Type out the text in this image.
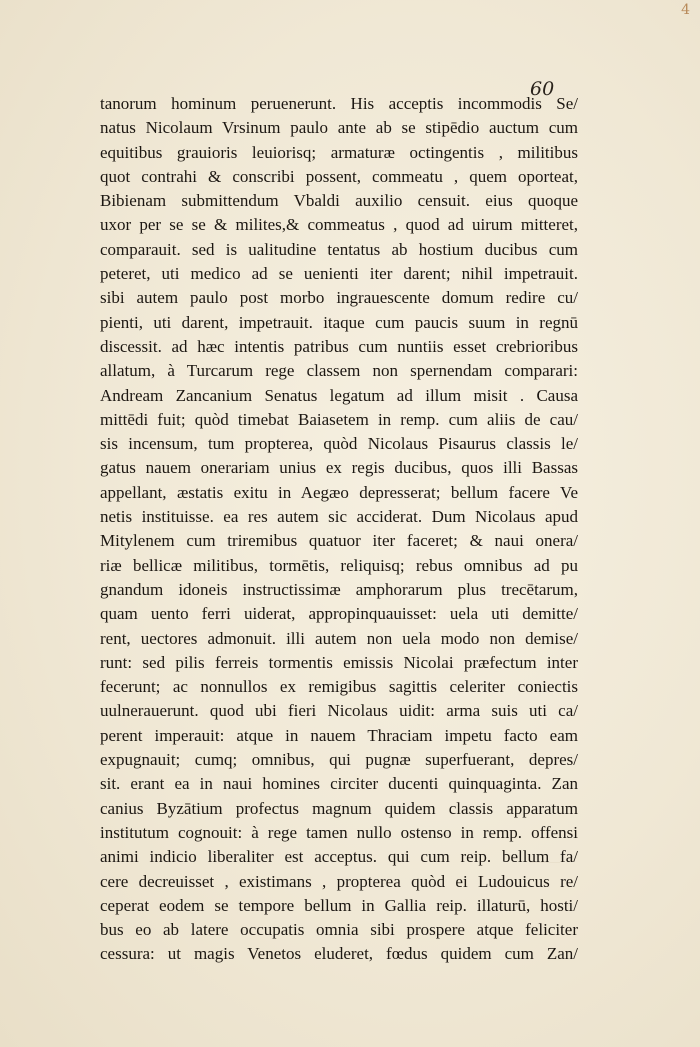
4
60
tanorum hominum peruenerunt. His acceptis incommodis Se/
natus Nicolaum Vrsinum paulo ante ab se stipēdio auctum cum
equitibus grauioris leuiorisq; armaturæ octingentis , militibus
quot contrahi & conscribi possent, commeatu , quem oporteat,
Bibienam submittendum Vbaldi auxilio censuit. eius quoque
uxor per se se & milites,& commeatus , quod ad uirum mitteret,
comparauit. sed is ualitudine tentatus ab hostium ducibus cum
peteret, uti medico ad se uenienti iter darent; nihil impetrauit.
sibi autem paulo post morbo ingrauescente domum redire cu/
pienti, uti darent, impetrauit. itaque cum paucis suum in regnū
discessit. ad hæc intentis patribus cum nuntiis esset crebrioribus
allatum, à Turcarum rege classem non spernendam comparari:
Andream Zancanium Senatus legatum ad illum misit . Causa
mittēdi fuit; quòd timebat Baiasetem in remp. cum aliis de cau/
sis incensum, tum propterea, quòd Nicolaus Pisaurus classis le/
gatus nauem onerariam unius ex regis ducibus, quos illi Bassas
appellant, æstatis exitu in Aegæo depresserat; bellum facere Ve
netis instituisse. ea res autem sic acciderat. Dum Nicolaus apud
Mitylenem cum triremibus quatuor iter faceret; & naui onera/
riæ bellicæ militibus, tormētis, reliquisq; rebus omnibus ad pu
gnandum idoneis instructissimæ amphorarum plus trecētarum,
quam uento ferri uiderat, appropinquauisset: uela uti demitte/
rent, uectores admonuit. illi autem non uela modo non demise/
runt: sed pilis ferreis tormentis emissis Nicolai præfectum inter
fecerunt; ac nonnullos ex remigibus sagittis celeriter coniectis
uulnerauerunt. quod ubi fieri Nicolaus uidit: arma suis uti ca/
perent imperauit: atque in nauem Thraciam impetu facto eam
expugnauit; cumq; omnibus, qui pugnæ superfuerant, depres/
sit. erant ea in naui homines circiter ducenti quinquaginta. Zan
canius Byzātium profectus magnum quidem classis apparatum
institutum cognouit: à rege tamen nullo ostenso in remp. offensi
animi indicio liberaliter est acceptus. qui cum reip. bellum fa/
cere decreuisset , existimans , propterea quòd ei Ludouicus re/
ceperat eodem se tempore bellum in Gallia reip. illaturū, hosti/
bus eo ab latere occupatis omnia sibi prospere atque feliciter
cessura: ut magis Venetos eluderet, fœdus quidem cum Zan/
